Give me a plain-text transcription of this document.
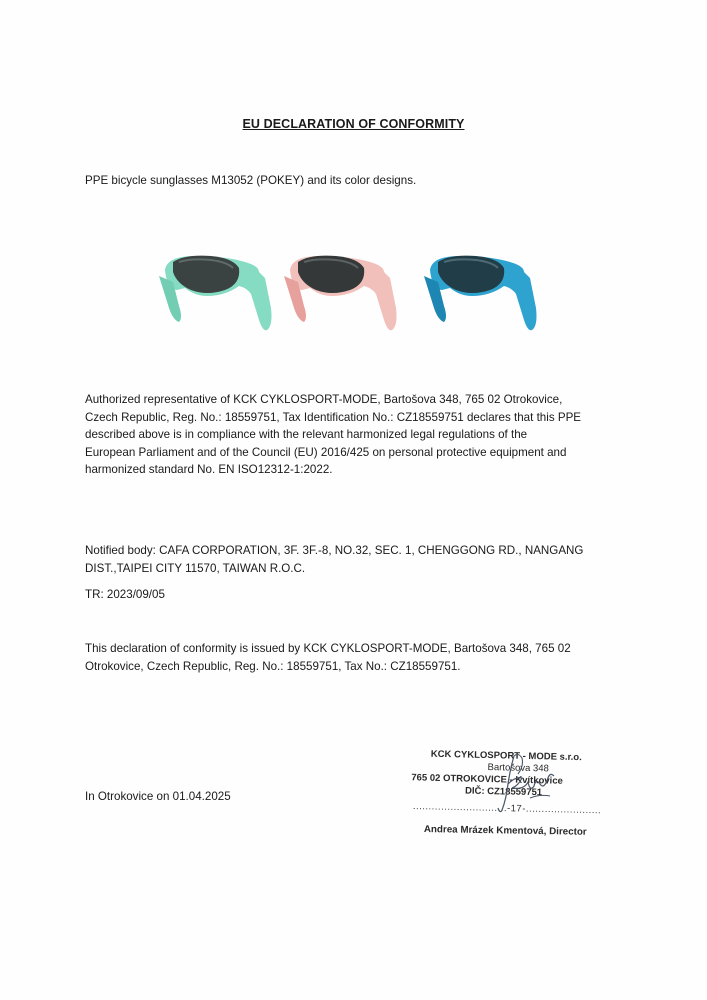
EU DECLARATION OF CONFORMITY
PPE bicycle sunglasses M13052 (POKEY) and its color designs.
Authorized representative of KCK CYKLOSPORT-MODE, Bartošova 348, 765 02 Otrokovice,
Czech Republic, Reg. No.: 18559751, Tax Identification No.: CZ18559751 declares that this PPE
described above is in compliance with the relevant harmonized legal regulations of the
European Parliament and of the Council (EU) 2016/425 on personal protective equipment and
harmonized standard No. EN ISO12312-1:2022.
Notified body: CAFA CORPORATION, 3F. 3F.-8, NO.32, SEC. 1, CHENGGONG RD., NANGANG
DIST.,TAIPEI CITY 11570, TAIWAN R.O.C.
TR: 2023/09/05
This declaration of conformity is issued by KCK CYKLOSPORT-MODE, Bartošova 348, 765 02
Otrokovice, Czech Republic, Reg. No.: 18559751, Tax No.: CZ18559751.
In Otrokovice on 01.04.2025
KCK CYKLOSPORT - MODE s.r.o.
Bartošova 348
765 02 OTROKOVICE - Kvítkovice
DIČ: CZ18559751
..............................-17-........................
Andrea Mrázek Kmentová, Director
